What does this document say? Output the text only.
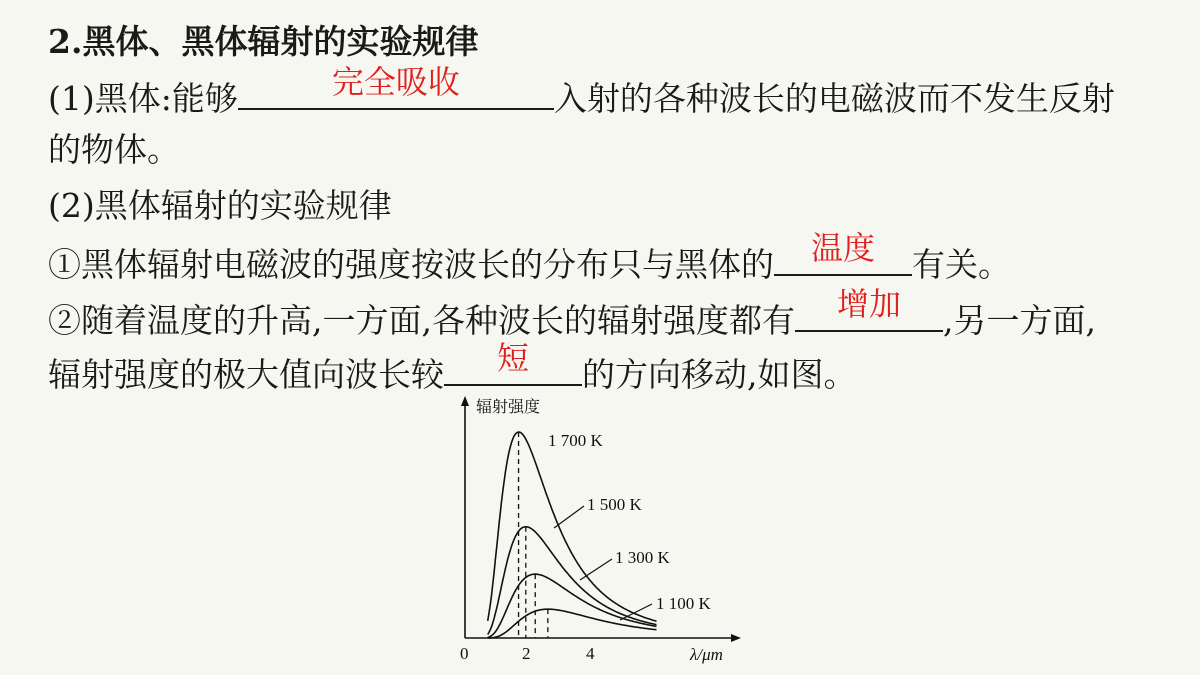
2.黑体、黑体辐射的实验规律
(1)黑体:能够	完全吸收	入射的各种波长的电磁波而不发生反射
的物体。
(2)黑体辐射的实验规律
①黑体辐射电磁波的强度按波长的分布只与黑体的	温度	有关。
②随着温度的升高,一方面,各种波长的辐射强度都有	增加	,另一方面,
辐射强度的极大值向波长较	短	的方向移动,如图。
辐射强度
λ/μm
0	2	4
1 700 K
1 500 K
1 300 K
1 100 K
